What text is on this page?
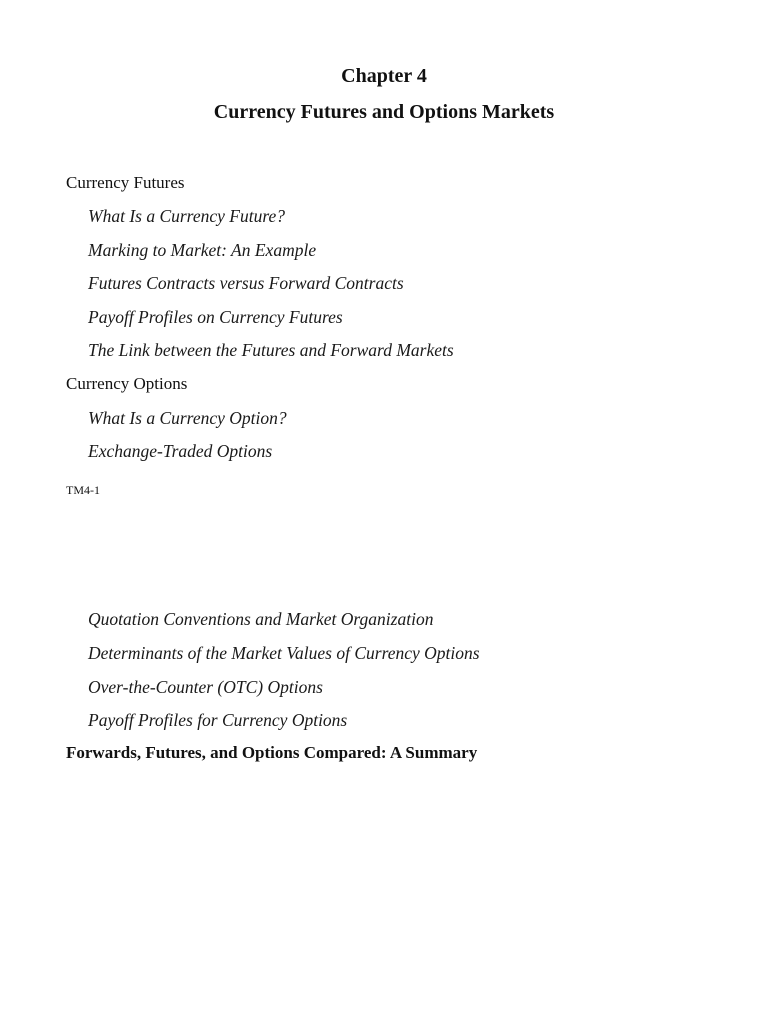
Chapter 4
Currency Futures and Options Markets
Currency Futures
What Is a Currency Future?
Marking to Market: An Example
Futures Contracts versus Forward Contracts
Payoff Profiles on Currency Futures
The Link between the Futures and Forward Markets
Currency Options
What Is a Currency Option?
Exchange-Traded Options
TM4-1
Quotation Conventions and Market Organization
Determinants of the Market Values of Currency Options
Over-the-Counter (OTC) Options
Payoff Profiles for Currency Options
Forwards, Futures, and Options Compared: A Summary
